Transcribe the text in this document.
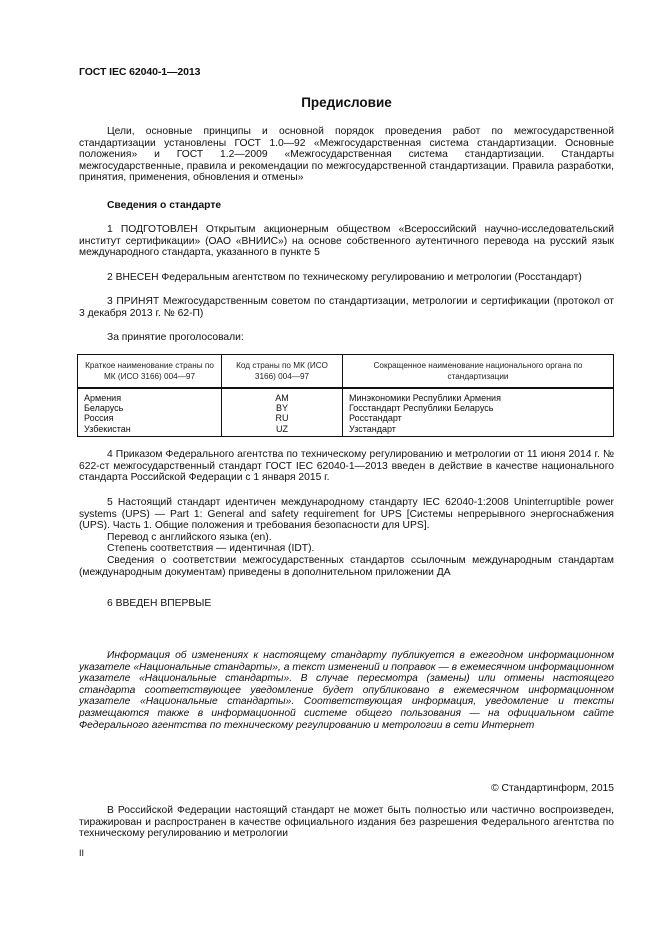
ГОСТ IEC 62040-1—2013
Предисловие
Цели, основные принципы и основной порядок проведения работ по межгосударственной стандартизации установлены ГОСТ 1.0—92 «Межгосударственная система стандартизации. Основные положения» и ГОСТ 1.2—2009 «Межгосударственная система стандартизации. Стандарты межгосударственные, правила и рекомендации по межгосударственной стандартизации. Правила разработки, принятия, применения, обновления и отмены»
Сведения о стандарте
1 ПОДГОТОВЛЕН Открытым акционерным обществом «Всероссийский научно-исследовательский институт сертификации» (ОАО «ВНИИС») на основе собственного аутентичного перевода на русский язык международного стандарта, указанного в пункте 5
2 ВНЕСЕН Федеральным агентством по техническому регулированию и метрологии (Росстандарт)
3 ПРИНЯТ Межгосударственным советом по стандартизации, метрологии и сертификации (протокол от 3 декабря 2013 г. № 62-П)
За принятие проголосовали:
Краткое наименование страны по МК (ИСО 3166) 004—97	Код страны по МК (ИСО 3166) 004—97	Сокращенное наименование национального органа по стандартизации
Армения	AM	Минэкономики Республики Армения
Беларусь	BY	Госстандарт Республики Беларусь
Россия	RU	Росстандарт
Узбекистан	UZ	Узстандарт
4 Приказом Федерального агентства по техническому регулированию и метрологии от 11 июня 2014 г. № 622-ст межгосударственный стандарт ГОСТ IEC 62040-1—2013 введен в действие в качестве национального стандарта Российской Федерации с 1 января 2015 г.
5 Настоящий стандарт идентичен международному стандарту IEC 62040-1:2008 Uninterruptible power systems (UPS) — Part 1: General and safety requirement for UPS [Системы непрерывного энергоснабжения (UPS). Часть 1. Общие положения и требования безопасности для UPS].
Перевод с английского языка (en).
Степень соответствия — идентичная (IDT).
Сведения о соответствии межгосударственных стандартов ссылочным международным стандартам (международным документам) приведены в дополнительном приложении ДА
6 ВВЕДЕН ВПЕРВЫЕ
Информация об изменениях к настоящему стандарту публикуется в ежегодном информационном указателе «Национальные стандарты», а текст изменений и поправок — в ежемесячном информационном указателе «Национальные стандарты». В случае пересмотра (замены) или отмены настоящего стандарта соответствующее уведомление будет опубликовано в ежемесячном информационном указателе «Национальные стандарты». Соответствующая информация, уведомление и тексты размещаются также в информационной системе общего пользования — на официальном сайте Федерального агентства по техническому регулированию и метрологии в сети Интернет
© Стандартинформ, 2015
В Российской Федерации настоящий стандарт не может быть полностью или частично воспроизведен, тиражирован и распространен в качестве официального издания без разрешения Федерального агентства по техническому регулированию и метрологии
II
